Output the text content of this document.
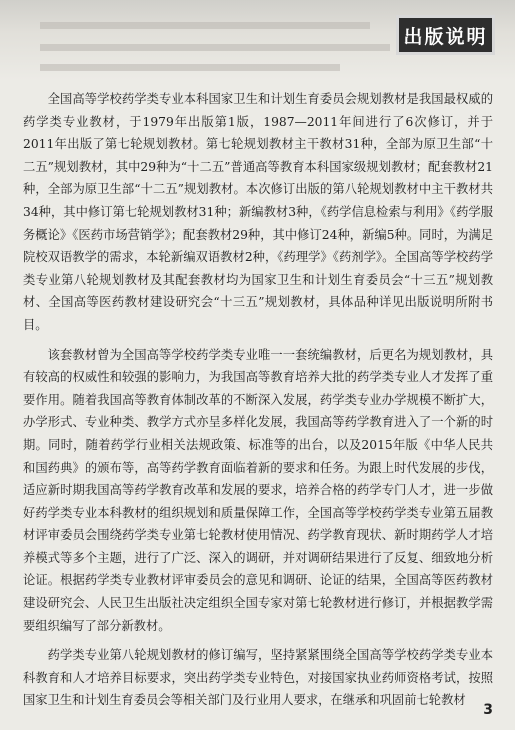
出版说明

全国高等学校药学类专业本科国家卫生和计划生育委员会规划教材是我国最权威的药学类专业教材，于1979年出版第1版，1987—2011年间进行了6次修订，并于2011年出版了第七轮规划教材。第七轮规划教材主干教材31种，全部为原卫生部“十二五”规划教材，其中29种为“十二五”普通高等教育本科国家级规划教材；配套教材21种，全部为原卫生部“十二五”规划教材。本次修订出版的第八轮规划教材中主干教材共34种，其中修订第七轮规划教材31种；新编教材3种，《药学信息检索与利用》《药学服务概论》《医药市场营销学》；配套教材29种，其中修订24种，新编5种。同时，为满足院校双语教学的需求，本轮新编双语教材2种，《药理学》《药剂学》。全国高等学校药学类专业第八轮规划教材及其配套教材均为国家卫生和计划生育委员会“十三五”规划教材、全国高等医药教材建设研究会“十三五”规划教材，具体品种详见出版说明所附书目。

该套教材曾为全国高等学校药学类专业唯一一套统编教材，后更名为规划教材，具有较高的权威性和较强的影响力，为我国高等教育培养大批的药学类专业人才发挥了重要作用。随着我国高等教育体制改革的不断深入发展，药学类专业办学规模不断扩大，办学形式、专业种类、教学方式亦呈多样化发展，我国高等药学教育进入了一个新的时期。同时，随着药学行业相关法规政策、标准等的出台，以及2015年版《中华人民共和国药典》的颁布等，高等药学教育面临着新的要求和任务。为跟上时代发展的步伐，适应新时期我国高等药学教育改革和发展的要求，培养合格的药学专门人才，进一步做好药学类专业本科教材的组织规划和质量保障工作，全国高等学校药学类专业第五届教材评审委员会围绕药学类专业第七轮教材使用情况、药学教育现状、新时期药学人才培养模式等多个主题，进行了广泛、深入的调研，并对调研结果进行了反复、细致地分析论证。根据药学类专业教材评审委员会的意见和调研、论证的结果，全国高等医药教材建设研究会、人民卫生出版社决定组织全国专家对第七轮教材进行修订，并根据教学需要组织编写了部分新教材。

药学类专业第八轮规划教材的修订编写，坚持紧紧围绕全国高等学校药学类专业本科教育和人才培养目标要求，突出药学类专业特色，对接国家执业药师资格考试，按照国家卫生和计划生育委员会等相关部门及行业用人要求，在继承和巩固前七轮教材

3
